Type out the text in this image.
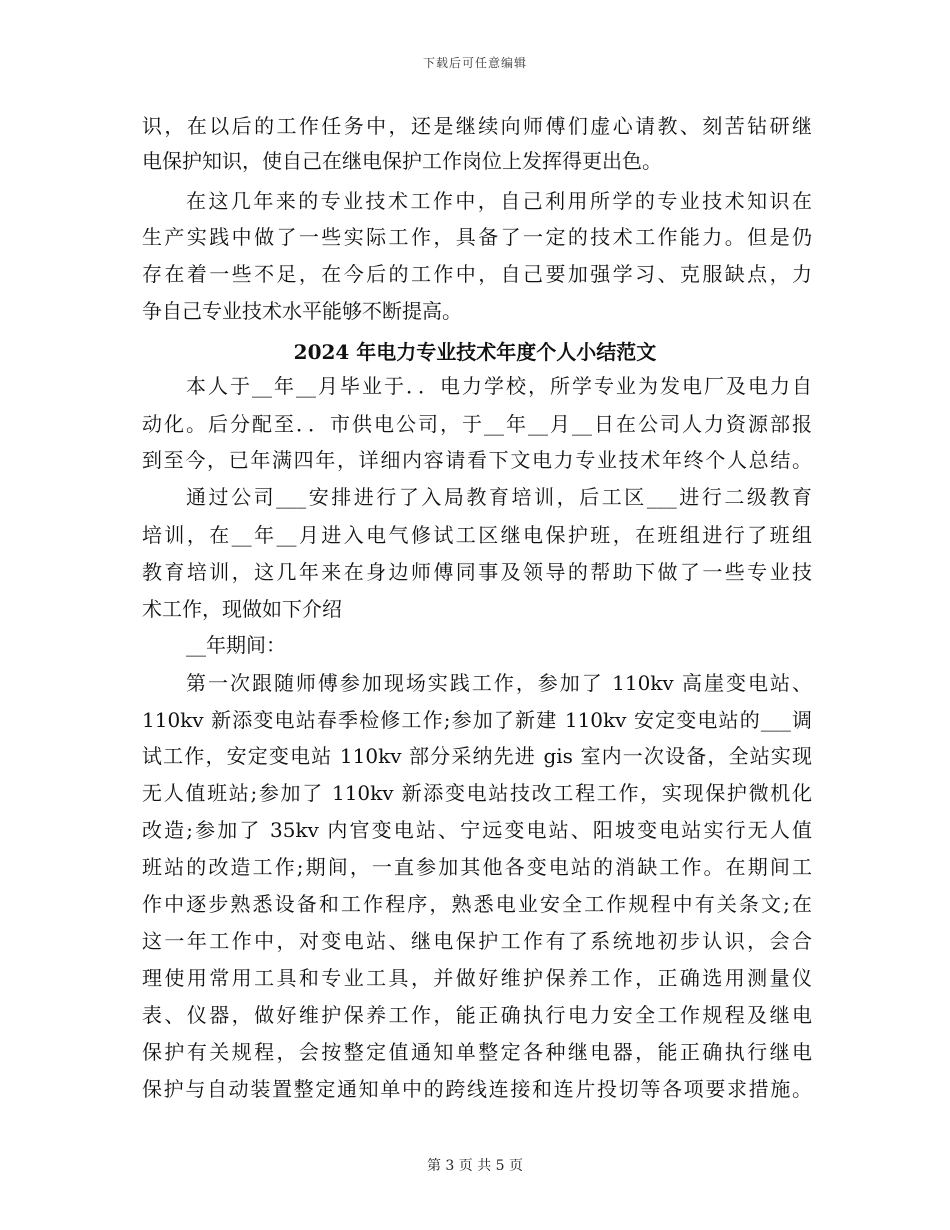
下载后可任意编辑
识，在以后的工作任务中，还是继续向师傅们虚心请教、刻苦钻研继
电保护知识，使自己在继电保护工作岗位上发挥得更出色。
在这几年来的专业技术工作中，自己利用所学的专业技术知识在
生产实践中做了一些实际工作，具备了一定的技术工作能力。但是仍
存在着一些不足，在今后的工作中，自己要加强学习、克服缺点，力
争自己专业技术水平能够不断提高。
2024 年电力专业技术年度个人小结范文
本人于__年__月毕业于．．电力学校，所学专业为发电厂及电力自
动化。后分配至．．市供电公司，于__年__月__日在公司人力资源部报
到至今，已年满四年，详细内容请看下文电力专业技术年终个人总结。
通过公司___安排进行了入局教育培训，后工区___进行二级教育
培训，在__年__月进入电气修试工区继电保护班，在班组进行了班组
教育培训，这几年来在身边师傅同事及领导的帮助下做了一些专业技
术工作，现做如下介绍
__年期间：
第一次跟随师傅参加现场实践工作，参加了 110kv 高崖变电站、
110kv 新添变电站春季检修工作;参加了新建 110kv 安定变电站的___调
试工作，安定变电站 110kv 部分采纳先进 gis 室内一次设备，全站实现
无人值班站;参加了 110kv 新添变电站技改工程工作，实现保护微机化
改造;参加了 35kv 内官变电站、宁远变电站、阳坡变电站实行无人值
班站的改造工作;期间，一直参加其他各变电站的消缺工作。在期间工
作中逐步熟悉设备和工作程序，熟悉电业安全工作规程中有关条文;在
这一年工作中，对变电站、继电保护工作有了系统地初步认识，会合
理使用常用工具和专业工具，并做好维护保养工作，正确选用测量仪
表、仪器，做好维护保养工作，能正确执行电力安全工作规程及继电
保护有关规程，会按整定值通知单整定各种继电器，能正确执行继电
保护与自动装置整定通知单中的跨线连接和连片投切等各项要求措施。
第 3 页 共 5 页
